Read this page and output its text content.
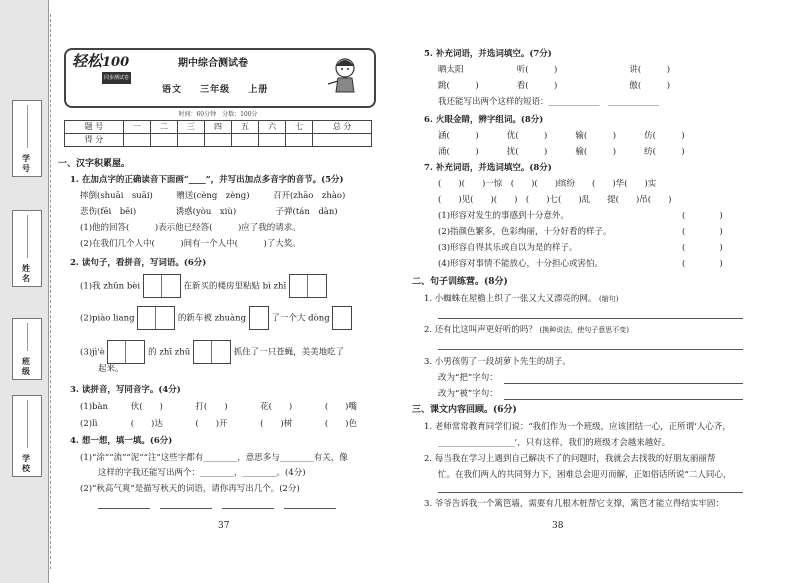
学号
姓名
班级
学校
轻松100
同步测试卷
期中综合测试卷
语文 三年级 上册
时间：60分钟　分数：100分
题 号	一	二	三	四	五	六	七	总 分
得 分								
一、汉字积累屋。
1. 在加点字的正确读音下面画“____”，并写出加点多音字的音节。(5分)
摔倒(shuāi　suāi)	赠送(cèng　zèng)	召开(zhāo　zhào)
悲伤(fēi　bēi)	诱惑(yòu　xiù)	子弹(tán　dàn)
(1)他的回答(　　　)表示他已经答(　　　)应了我的请求。
(2)在我们几个人中(　　　)间有一个人中(　　　)了大奖。
2. 读句子，看拼音，写词语。(6分)
(1)我 zhǔn bèi	在新买的楼房里粘贴 bì zhǐ
(2)piào liang	的新车被 zhuàng	了一个大 dòng
(3)jì'è	的 zhī zhū	抓住了一只苍蝇，美美地吃了
起来。
3. 读拼音，写同音字。(4分)
(1)bàn	伙(　　)	打(　　)	花(　　)	(　　)嘴
(2)lì	(　　)达	(　　)开	(　　)树	(　　)色
4. 想一想，填一填。(6分)
(1)“涂”“流”“泥”“注”这些字都有________，意思多与________有关，像
这样的字我还能写出两个：________，________。(4分)
(2)“秋高气爽”是描写秋天的词语，请你再写出几个。(2分)
37
5. 补充词语，并选词填空。(7分)
晒太阳	听(　　　)	讲(　　　)
跳(　　　)	看(　　　)	傲(　　　)
我还能写出两个这样的短语：____________　____________
6. 火眼金睛，辨字组词。(8分)
涵(　　　)	优(　　　)	输(　　　)	仿(　　　)
涌(　　　)	扰(　　　)	榆(　　　)	纺(　　　)
7. 补充词语，并选词填空。(8分)
(　　)(　　)一惊　(　　)(　　)缤纷　　(　　)华(　　)实
(　　)见(　　)(　　)　(　　)七(　　)乱　　提(　　)吊(　　)
(1)形容对发生的事感到十分意外。	(　　　　)
(2)指颜色繁多，色彩绚丽，十分好看的样子。	(　　　　)
(3)形容自得其乐或自以为是的样子。	(　　　　)
(4)形容对事情不能放心，十分担心或害怕。	(　　　　)
二、句子训练营。(8分)
1. 小蜘蛛在屋檐上织了一张又大又漂亮的网。 (缩句)
2. 还有比这叫声更好听的吗？ (换种说法，使句子意思不变)
3. 小男孩剪了一段胡萝卜先生的胡子。
改为“把”字句：
改为“被”字句：
三、课文内容回顾。(6分)
1. 老师常常教育同学们说：“我们作为一个班级，应该团结一心，正所谓‘人心齐，
__________________’，只有这样，我们的班级才会越来越好。
2. 每当我在学习上遇到自己解决不了的问题时，我就会去找我的好朋友丽丽帮
忙。在我们两人的共同努力下，困难总会迎刃而解，正如俗话所说“二人同心，
3. 爷爷告诉我一个篱笆墙，需要有几根木桩帮它支撑，篱笆才能立得结实牢固：
38
